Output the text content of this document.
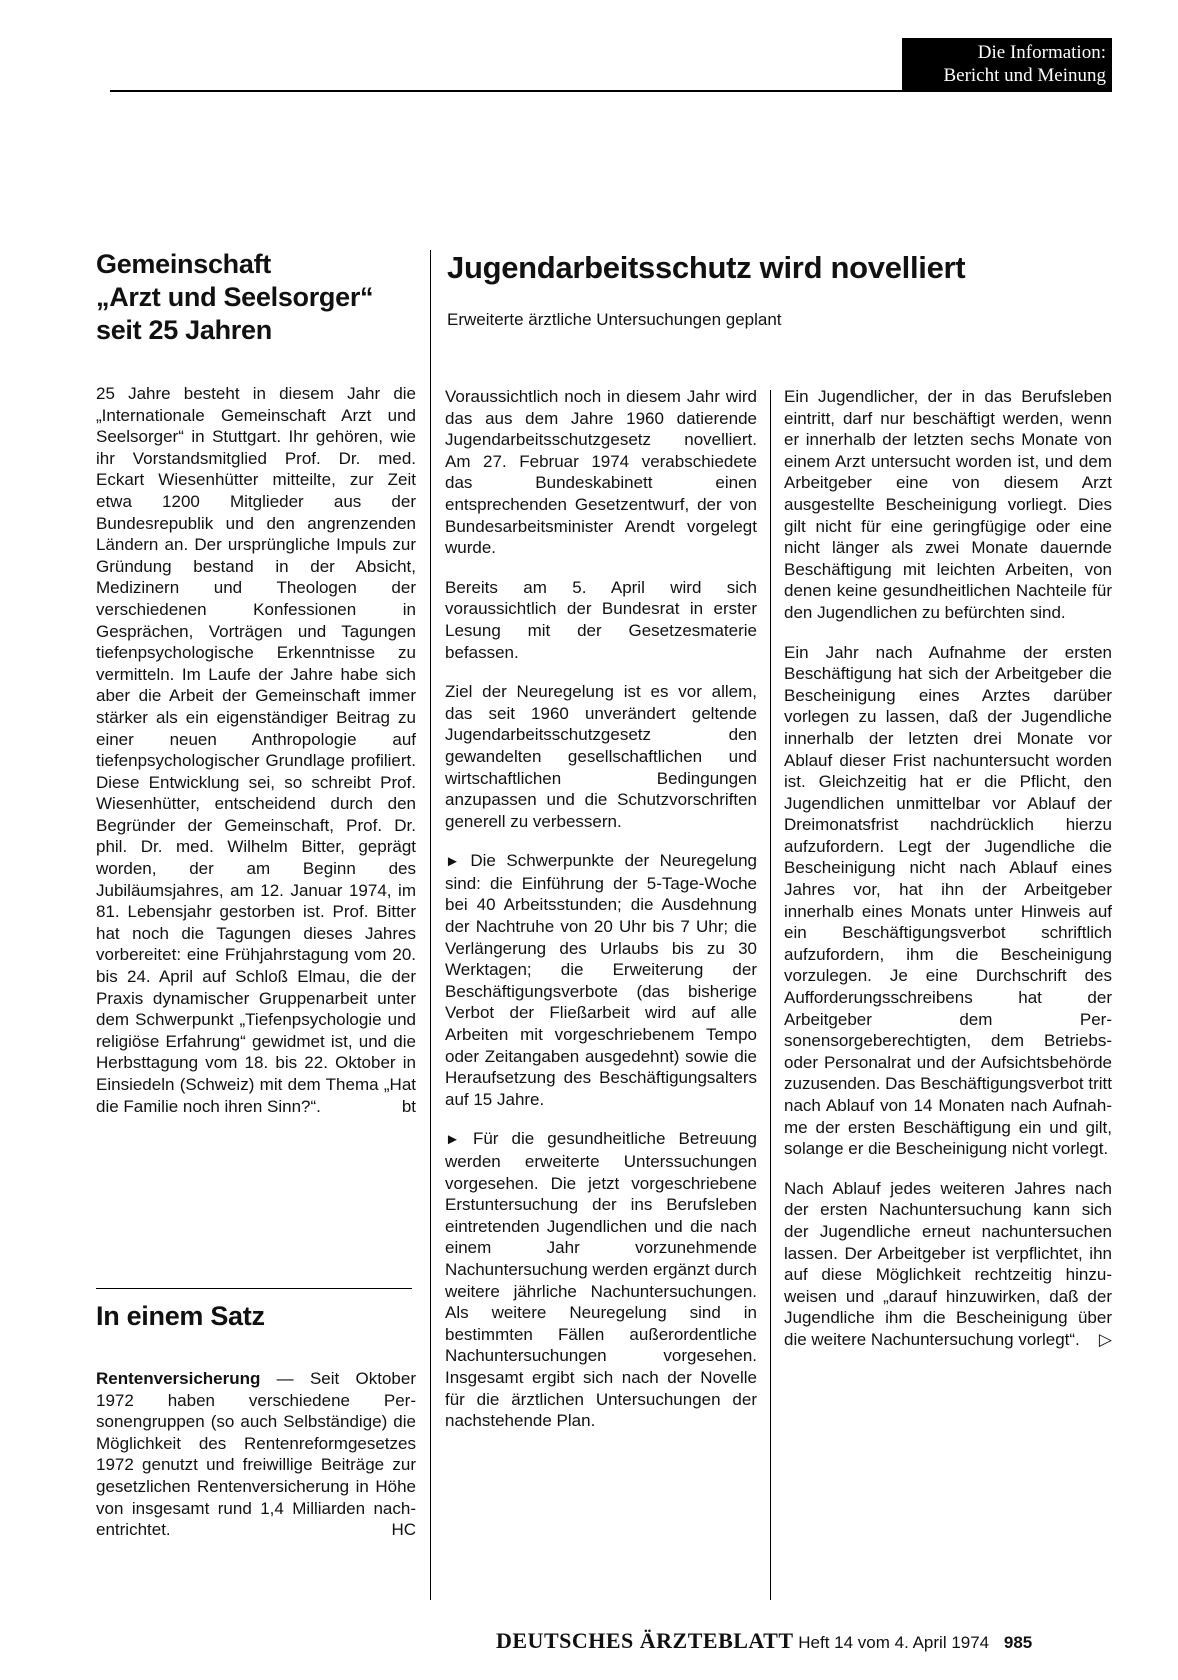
Die Information:
Bericht und Meinung
Gemeinschaft
„Arzt und Seelsorger“
seit 25 Jahren

25 Jahre besteht in diesem Jahr die „Internationale Gemeinschaft Arzt und Seelsorger“ in Stuttgart. Ihr gehören, wie ihr Vorstandsmitglied Prof. Dr. med. Eckart Wiesenhütter mitteilte, zur Zeit etwa 1200 Mitglieder aus der Bundesrepublik und den angrenzenden Ländern an. Der ursprüngliche Impuls zur Gründung bestand in der Absicht, Medizinern und Theologen der verschiedenen Konfessionen in Gesprächen, Vorträgen und Tagungen tiefenpsychologische Erkenntnisse zu vermitteln. Im Laufe der Jahre habe sich aber die Arbeit der Gemeinschaft immer stärker als ein eigenständiger Beitrag zu einer neuen Anthropologie auf tiefenpsychologischer Grundlage profiliert. Diese Entwicklung sei, so schreibt Prof. Wiesenhütter, entscheidend durch den Begründer der Gemeinschaft, Prof. Dr. phil. Dr. med. Wilhelm Bitter, geprägt worden, der am Beginn des Jubiläumsjahres, am 12. Januar 1974, im 81. Lebensjahr gestorben ist. Prof. Bitter hat noch die Tagungen dieses Jahres vorbereitet: eine Frühjahrstagung vom 20. bis 24. April auf Schloß Elmau, die der Praxis dynamischer Gruppenarbeit unter dem Schwerpunkt „Tiefenpsychologie und religiöse Erfahrung“ gewidmet ist, und die Herbsttagung vom 18. bis 22. Oktober in Einsiedeln (Schweiz) mit dem Thema „Hat die Familie noch ihren Sinn?“.	bt

In einem Satz

Rentenversicherung — Seit Oktober 1972 haben verschiedene Personengruppen (so auch Selbständige) die Möglichkeit des Rentenreformgesetzes 1972 genutzt und freiwillige Beiträge zur gesetzlichen Rentenversicherung in Höhe von insgesamt rund 1,4 Milliarden nachentrichtet.	HC

Jugendarbeitsschutz wird novelliert

Erweiterte ärztliche Untersuchungen geplant

Voraussichtlich noch in diesem Jahr wird das aus dem Jahre 1960 datierende Jugendarbeitsschutzgesetz novelliert. Am 27. Februar 1974 verabschiedete das Bundeskabinett einen entsprechenden Gesetzentwurf, der von Bundesarbeitsminister Arendt vorgelegt wurde.

Bereits am 5. April wird sich voraussichtlich der Bundesrat in erster Lesung mit der Gesetzesmaterie befassen.

Ziel der Neuregelung ist es vor allem, das seit 1960 unverändert geltende Jugendarbeitsschutzgesetz den gewandelten gesellschaftlichen und wirtschaftlichen Bedingungen anzupassen und die Schutzvorschriften generell zu verbessern.

► Die Schwerpunkte der Neuregelung sind: die Einführung der 5-Tage-Woche bei 40 Arbeitsstunden; die Ausdehnung der Nachtruhe von 20 Uhr bis 7 Uhr; die Verlängerung des Urlaubs bis zu 30 Werktagen; die Erweiterung der Beschäftigungsverbote (das bisherige Verbot der Fließarbeit wird auf alle Arbeiten mit vorgeschriebenem Tempo oder Zeitangaben ausgedehnt) sowie die Heraufsetzung des Beschäftigungsalters auf 15 Jahre.

► Für die gesundheitliche Betreuung werden erweiterte Unterssuchungen vorgesehen. Die jetzt vorgeschriebene Erstuntersuchung der ins Berufsleben eintretenden Jugendlichen und die nach einem Jahr vorzunehmende Nachuntersuchung werden ergänzt durch weitere jährliche Nachuntersuchungen. Als weitere Neuregelung sind in bestimmten Fällen außerordentliche Nachuntersuchungen vorgesehen. Insgesamt ergibt sich nach der Novelle für die ärztlichen Untersuchungen der nachstehende Plan.

Ein Jugendlicher, der in das Berufsleben eintritt, darf nur beschäftigt werden, wenn er innerhalb der letzten sechs Monate von einem Arzt untersucht worden ist, und dem Arbeitgeber eine von diesem Arzt ausgestellte Bescheinigung vorliegt. Dies gilt nicht für eine geringfügige oder eine nicht länger als zwei Monate dauernde Beschäftigung mit leichten Arbeiten, von denen keine gesundheitlichen Nachteile für den Jugendlichen zu befürchten sind.

Ein Jahr nach Aufnahme der ersten Beschäftigung hat sich der Arbeitgeber die Bescheinigung eines Arztes darüber vorlegen zu lassen, daß der Jugendliche innerhalb der letzten drei Monate vor Ablauf dieser Frist nachuntersucht worden ist. Gleichzeitig hat er die Pflicht, den Jugendlichen unmittelbar vor Ablauf der Dreimonatsfrist nachdrücklich hierzu aufzufordern. Legt der Jugendliche die Bescheinigung nicht nach Ablauf eines Jahres vor, hat ihn der Arbeitgeber innerhalb eines Monats unter Hinweis auf ein Beschäftigungsverbot schriftlich aufzufordern, ihm die Bescheinigung vorzulegen. Je eine Durchschrift des Aufforderungsschreibens hat der Arbeitgeber dem Personensorgeberechtigten, dem Betriebs- oder Personalrat und der Aufsichtsbehörde zuzusenden. Das Beschäftigungsverbot tritt nach Ablauf von 14 Monaten nach Aufnahme der ersten Beschäftigung ein und gilt, solange er die Bescheinigung nicht vorlegt.

Nach Ablauf jedes weiteren Jahres nach der ersten Nachuntersuchung kann sich der Jugendliche erneut nachuntersuchen lassen. Der Arbeitgeber ist verpflichtet, ihn auf diese Möglichkeit rechtzeitig hinzuweisen und „darauf hinzuwirken, daß der Jugendliche ihm die Bescheinigung über die weitere Nachuntersuchung vorlegt“. ▷

DEUTSCHES ÄRZTEBLATT Heft 14 vom 4. April 1974 985
